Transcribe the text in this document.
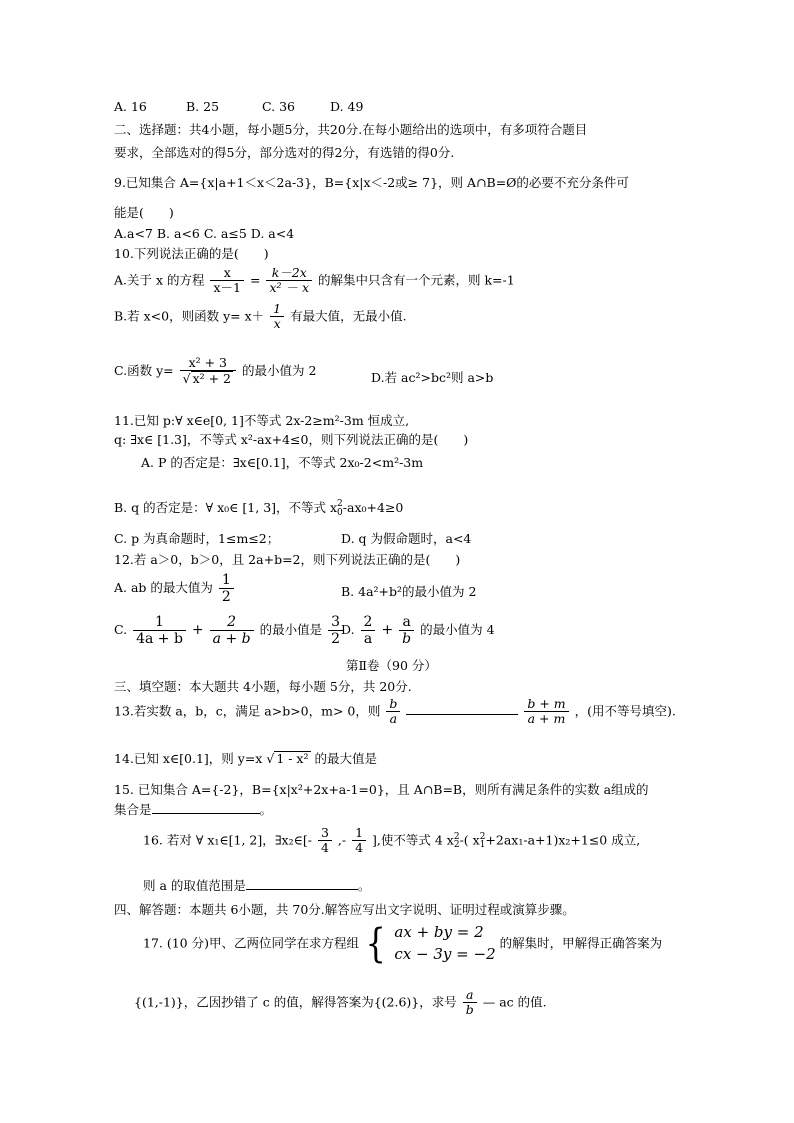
A. 16	B. 25	C. 36	D. 49
二、选择题：共4小题，每小题5分，共20分.在每小题给出的选项中，有多项符合题目
要求，全部选对的得5分，部分选对的得2分，有选错的得0分.
9.已知集合 A={x|a+1＜x＜2a-3}，B={x|x＜-2或≥ 7}，则 A∩B=Ø的必要不充分条件可
能是(　　)
A.a<7 B. a<6 C. a≤5 D. a<4
10.下列说法正确的是(　　)
A.关于 x 的方程 $\frac{x}{x-1} = \frac{k-2x}{\text{x² － x}}$ 的解集中只含有一个元素，则 k=-1
B.若 x<0，则函数 $y= x+ \frac{1}{x}$ 有最大值，无最小值.
C.函数 $y= \frac{\text{x² + 3}}{\text{√ x² + 2}}$ 的最小值为 2	D.若 ac²>bc²则 a>b
11.已知 p:∀ x∈e[0, 1]不等式 2x-2≥m²-3m 恒成立,
q: ∃x∈ [1.3]，不等式 x²-ax+4≤0，则下列说法正确的是(　　)
A. P 的否定是：∃x∈[0.1]，不等式 2x₀-2<m²-3m
B. q 的否定是：∀ x₀∈ [1, 3]，不等式 x2
0-ax₀+4≥0
C. p 为真命题时，1≤m≤2；	D. q 为假命题时，a<4
12.若 a＞0，b＞0，且 2a+b=2，则下列说法正确的是(　　)
A. ab 的最大值为 $\frac{1}{2}$	B. 4a²+b²的最小值为 2
C. $\frac{1}{4a + b} + \frac{2}{a + b}$ 的最小值是 $\frac{3}{2}$
D. $\frac{2}{a} + \frac{a}{b}$ 的最小值为 4
第Ⅱ卷（90 分）
三、填空题：本大题共 4小题，每小题 5分，共 20分.
13.若实数 a，b，c，满足 a>b>0，m> 0，则 $\frac{b}{a}$
	$\frac{b + m}{a + m}$ ，(用不等号填空).
14.已知 x∈[0.1]，则 y=x √ 1 - x² 的最大值是
15. 已知集合 A={-2}，B={x|x²+2x+a-1=0}，且 A∩B=B，则所有满足条件的实数 a组成的
集合是	。
16. 若对 ∀ x₁∈[1, 2]，∃x₂∈[- $\frac{3}{4}$ ,- $\frac{1}{4}$ ],使不等式 4 x2
2-( x2
1+2ax₁-a+1)x₂+1≤0 成立,
则 a 的取值范围是	。
四、解答题：本题共 6小题，共 70分.解答应写出文字说明、证明过程或演算步骤。
17. (10 分)甲、乙两位同学在求方程组 { ax + by = 2
cx − 3y = −2 的解集时，甲解得正确答案为
{(1,-1)}，乙因抄错了 c 的值，解得答案为{(2.6)}，求号 $\frac{a}{b}$ — ac 的值.
